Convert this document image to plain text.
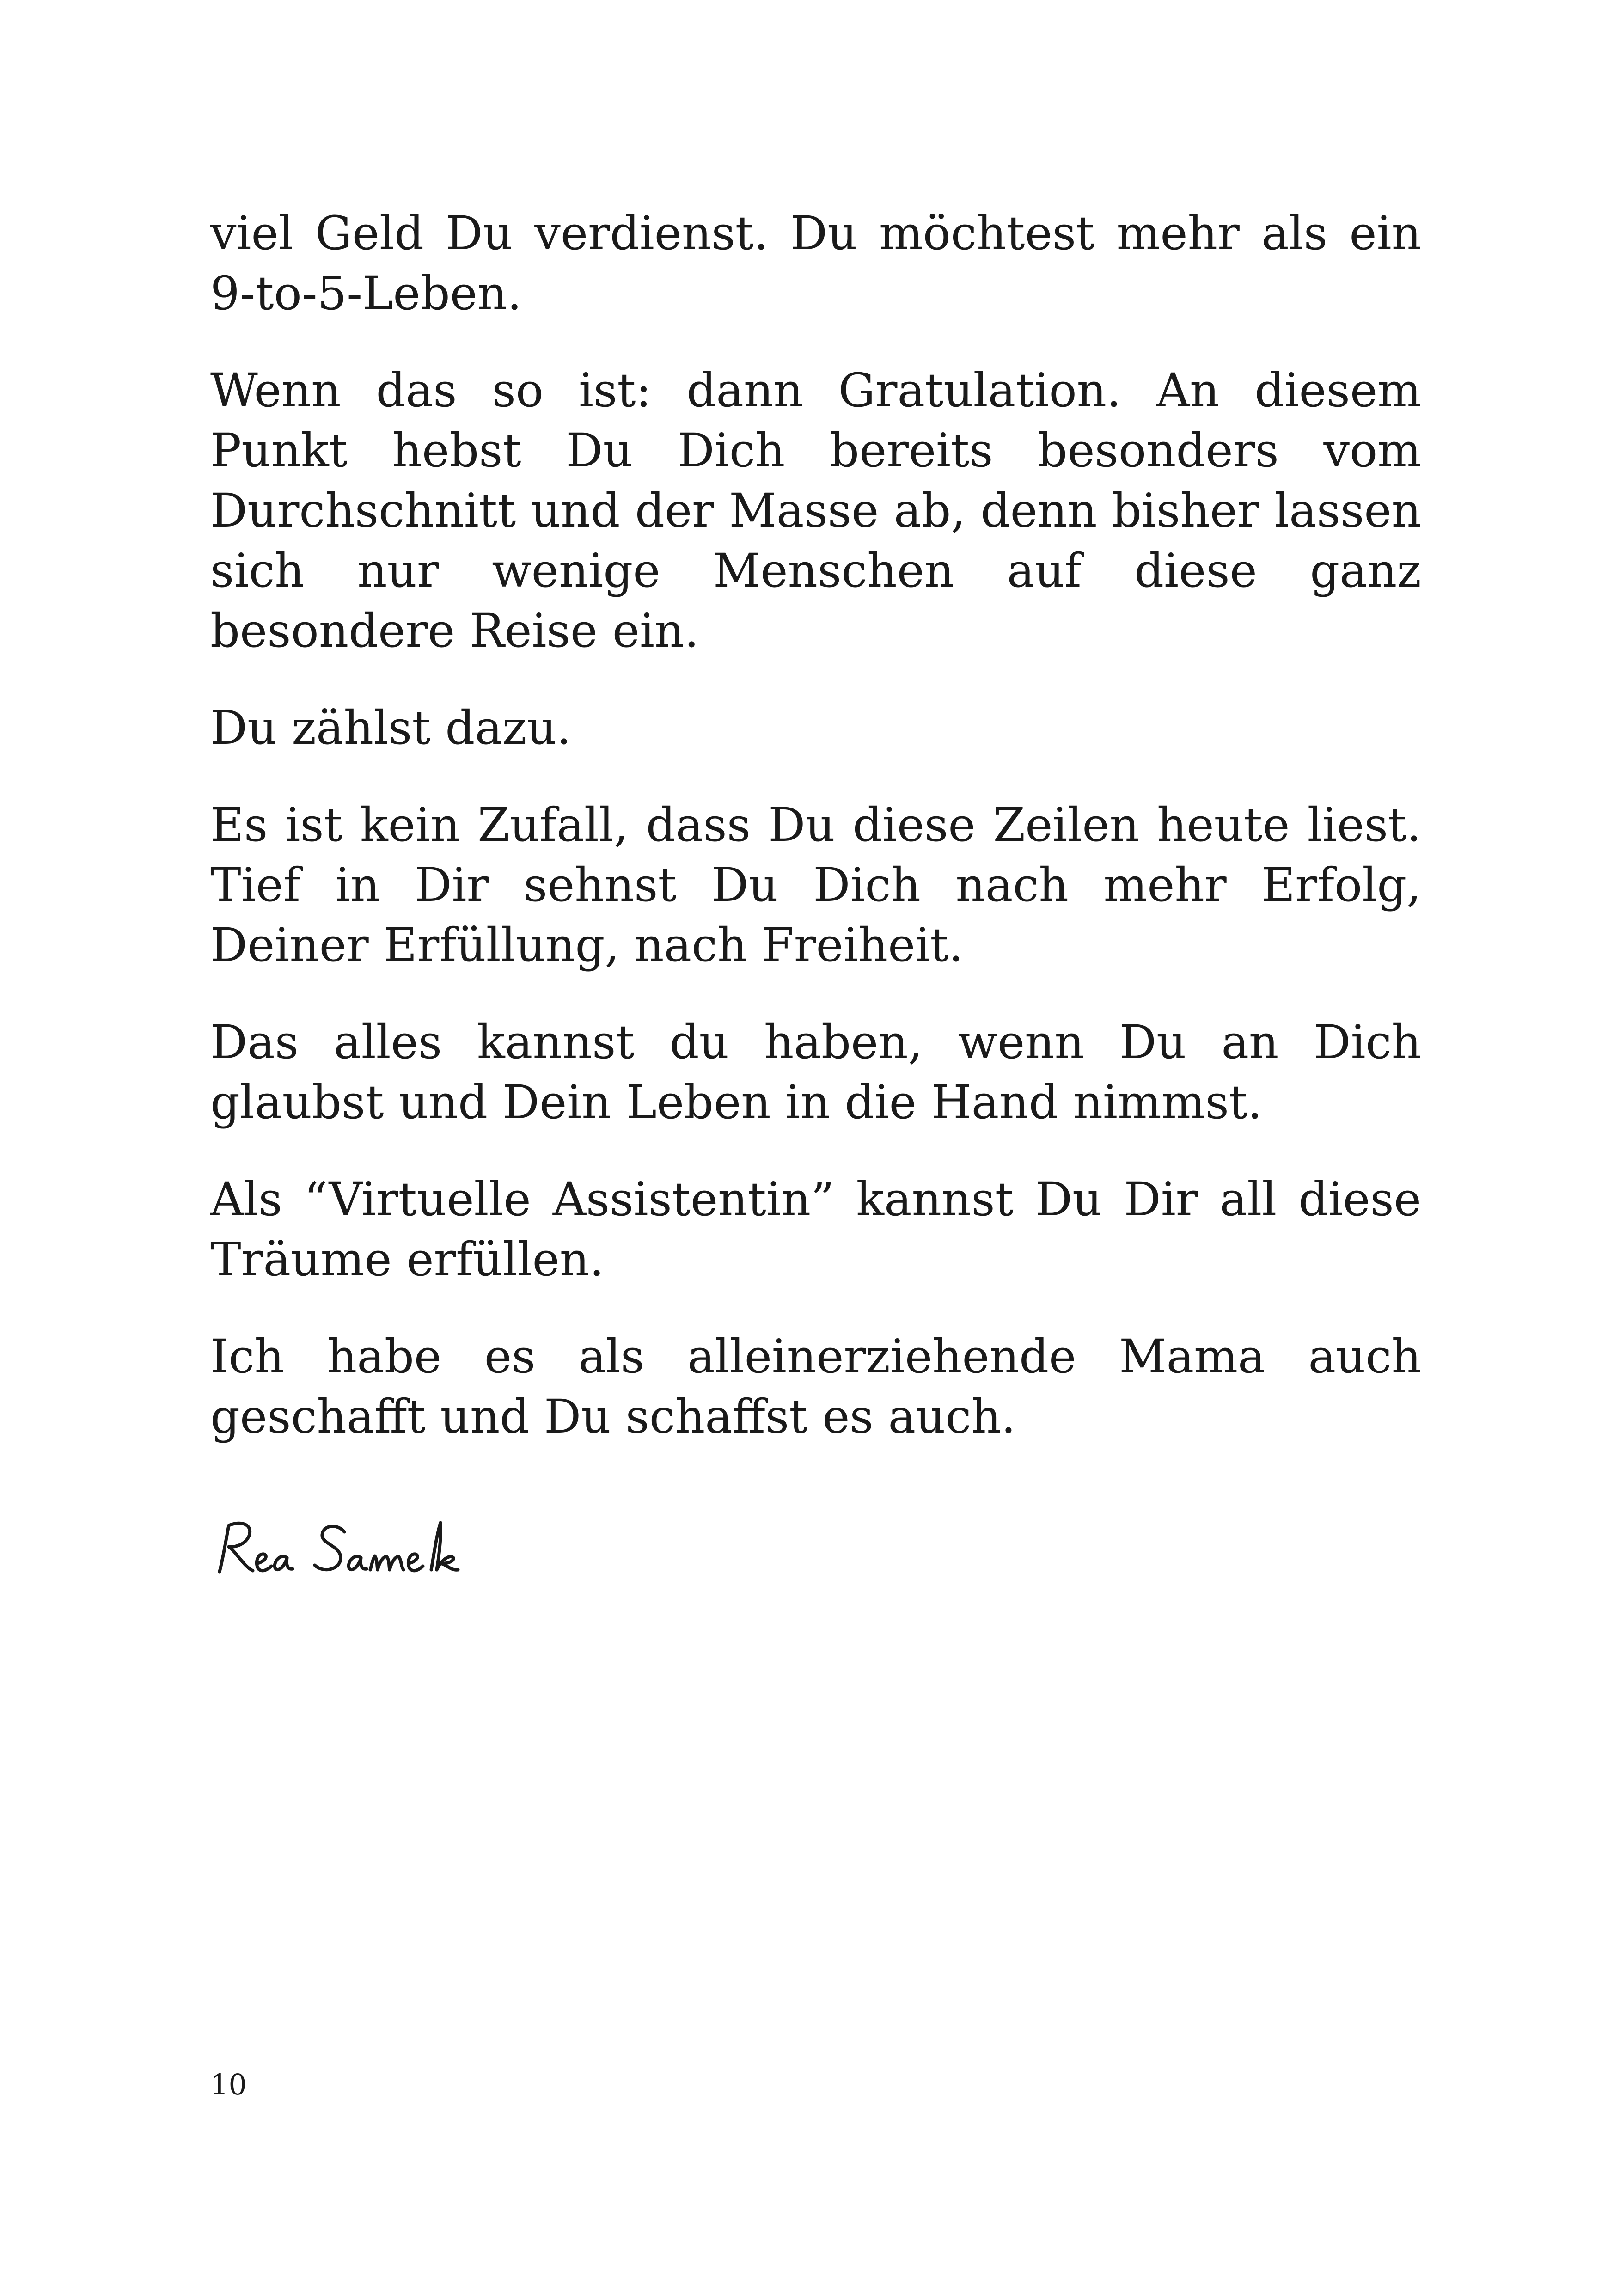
viel Geld Du verdienst. Du möchtest mehr als ein 9-to-5-Leben.

Wenn das so ist: dann Gratulation. An diesem Punkt hebst Du Dich bereits besonders vom Durchschnitt und der Masse ab, denn bisher lassen sich nur wenige Menschen auf diese ganz besondere Reise ein.

Du zählst dazu.

Es ist kein Zufall, dass Du diese Zeilen heute liest. Tief in Dir sehnst Du Dich nach mehr Erfolg, Deiner Erfüllung, nach Freiheit.

Das alles kannst du haben, wenn Du an Dich glaubst und Dein Leben in die Hand nimmst.

Als “Virtuelle Assistentin” kannst Du Dir all diese Träume erfüllen.

Ich habe es als alleinerziehende Mama auch geschafft und Du schaffst es auch.

10
